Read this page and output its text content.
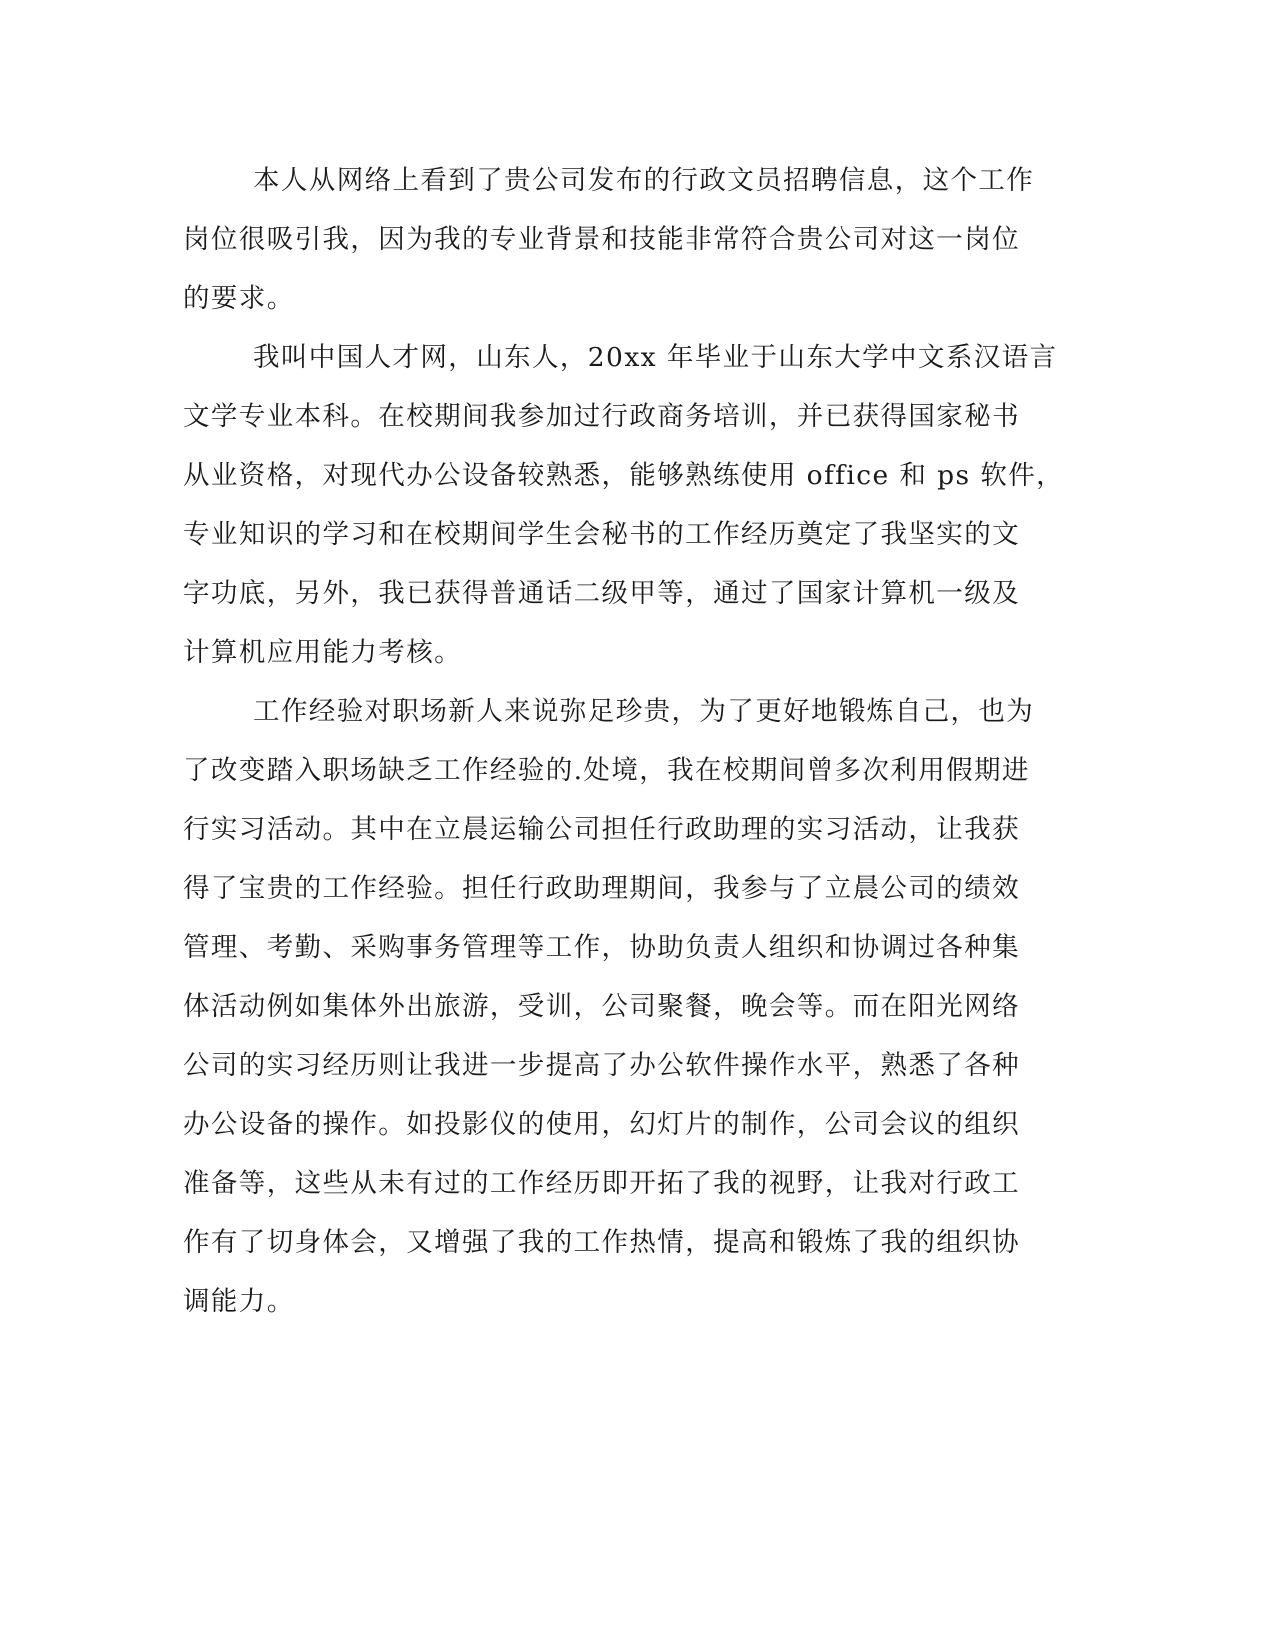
本人从网络上看到了贵公司发布的行政文员招聘信息，这个工作
岗位很吸引我，因为我的专业背景和技能非常符合贵公司对这一岗位
的要求。
我叫中国人才网，山东人，20xx 年毕业于山东大学中文系汉语言
文学专业本科。在校期间我参加过行政商务培训，并已获得国家秘书
从业资格，对现代办公设备较熟悉，能够熟练使用 office 和 ps 软件，
专业知识的学习和在校期间学生会秘书的工作经历奠定了我坚实的文
字功底，另外，我已获得普通话二级甲等，通过了国家计算机一级及
计算机应用能力考核。
工作经验对职场新人来说弥足珍贵，为了更好地锻炼自己，也为
了改变踏入职场缺乏工作经验的.处境，我在校期间曾多次利用假期进
行实习活动。其中在立晨运输公司担任行政助理的实习活动，让我获
得了宝贵的工作经验。担任行政助理期间，我参与了立晨公司的绩效
管理、考勤、采购事务管理等工作，协助负责人组织和协调过各种集
体活动例如集体外出旅游，受训，公司聚餐，晚会等。而在阳光网络
公司的实习经历则让我进一步提高了办公软件操作水平，熟悉了各种
办公设备的操作。如投影仪的使用，幻灯片的制作，公司会议的组织
准备等，这些从未有过的工作经历即开拓了我的视野，让我对行政工
作有了切身体会，又增强了我的工作热情，提高和锻炼了我的组织协
调能力。
